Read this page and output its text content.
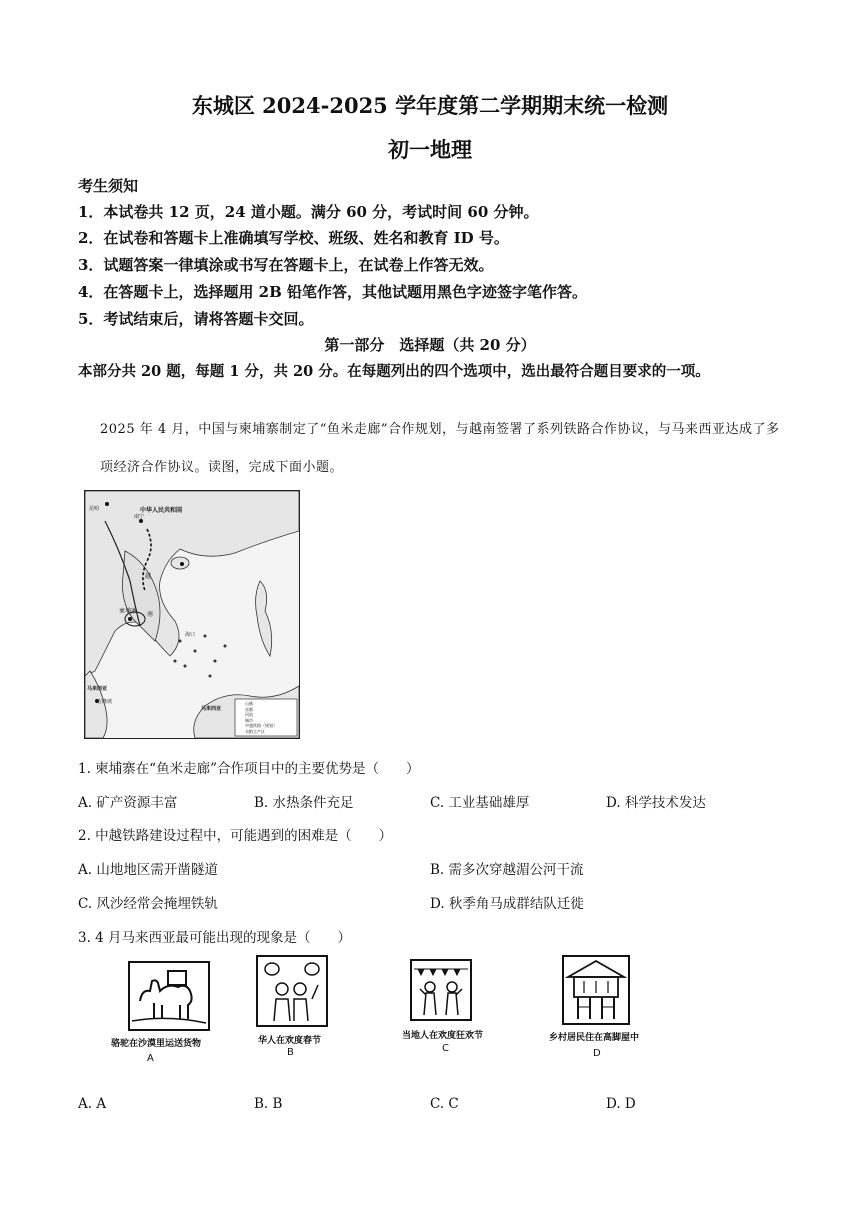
东城区 2024-2025 学年度第二学期期末统一检测
初一地理
考生须知
1．本试卷共 12 页，24 道小题。满分 60 分，考试时间 60 分钟。
2．在试卷和答题卡上准确填写学校、班级、姓名和教育 ID 号。
3．试题答案一律填涂或书写在答题卡上，在试卷上作答无效。
4．在答题卡上，选择题用 2B 铅笔作答，其他试题用黑色字迹签字笔作答。
5．考试结束后，请将答题卡交回。
第一部分　选择题（共 20 分）
本部分共 20 题，每题 1 分，共 20 分。在每题列出的四个选项中，选出最符合题目要求的一项。
2025 年 4 月，中国与柬埔寨制定了“鱼米走廊”合作规划，与越南签署了系列铁路合作协议，与马来西亚达成了多项经济合作协议。读图，完成下面小题。
中华人民共和国
南宁
昆明
柬埔寨
越
南
海口
马来西亚
吉隆坡
马来西亚
山脉
首都
河流
城市
中越铁路（规划）
水稻主产区
1. 柬埔寨在“鱼米走廊”合作项目中的主要优势是（　　）
A. 矿产资源丰富	B. 水热条件充足	C. 工业基础雄厚	D. 科学技术发达
2. 中越铁路建设过程中，可能遇到的困难是（　　）
A. 山地地区需开凿隧道	B. 需多次穿越湄公河干流
C. 风沙经常会掩埋铁轨	D. 秋季角马成群结队迁徙
3. 4 月马来西亚最可能出现的现象是（　　）
骆驼在沙漠里运送货物
A
华人在欢度春节
B
当地人在欢度狂欢节
C
乡村居民住在高脚屋中
D
A. A	B. B	C. C	D. D
